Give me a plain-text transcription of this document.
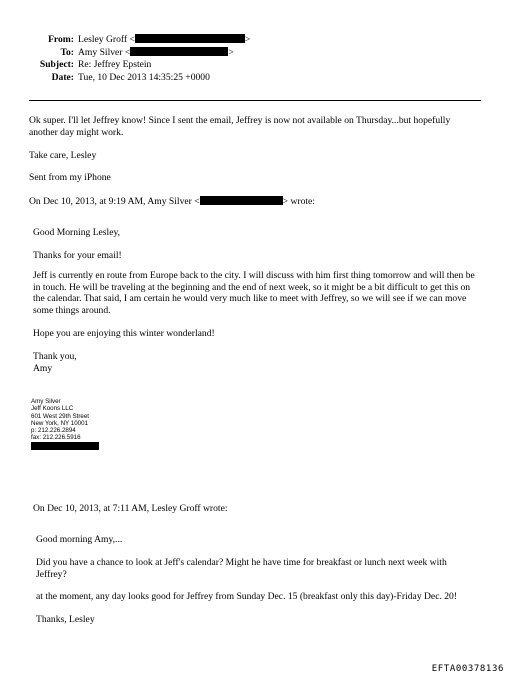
From: Lesley Groff <	>
To: Amy Silver <	>
Subject: Re: Jeffrey Epstein
Date: Tue, 10 Dec 2013 14:35:25 +0000
Ok super. I'll let Jeffrey know! Since I sent the email, Jeffrey is now not available on Thursday...but hopefully another day might work.
Take care, Lesley
Sent from my iPhone
On Dec 10, 2013, at 9:19 AM, Amy Silver <	> wrote:
Good Morning Lesley,
Thanks for your email!
Jeff is currently en route from Europe back to the city. I will discuss with him first thing tomorrow and will then be in touch. He will be traveling at the beginning and the end of next week, so it might be a bit difficult to get this on the calendar. That said, I am certain he would very much like to meet with Jeffrey, so we will see if we can move some things around.
Hope you are enjoying this winter wonderland!
Thank you,
Amy
Amy Silver
Jeff Koons LLC
601 West 29th Street
New York, NY 10001
p: 212.226.2894
fax: 212.226.5916
On Dec 10, 2013, at 7:11 AM, Lesley Groff wrote:
Good morning Amy,...
Did you have a chance to look at Jeff's calendar? Might he have time for breakfast or lunch next week with Jeffrey?
at the moment, any day looks good for Jeffrey from Sunday Dec. 15 (breakfast only this day)-Friday Dec. 20!
Thanks, Lesley
EFTA00378136
